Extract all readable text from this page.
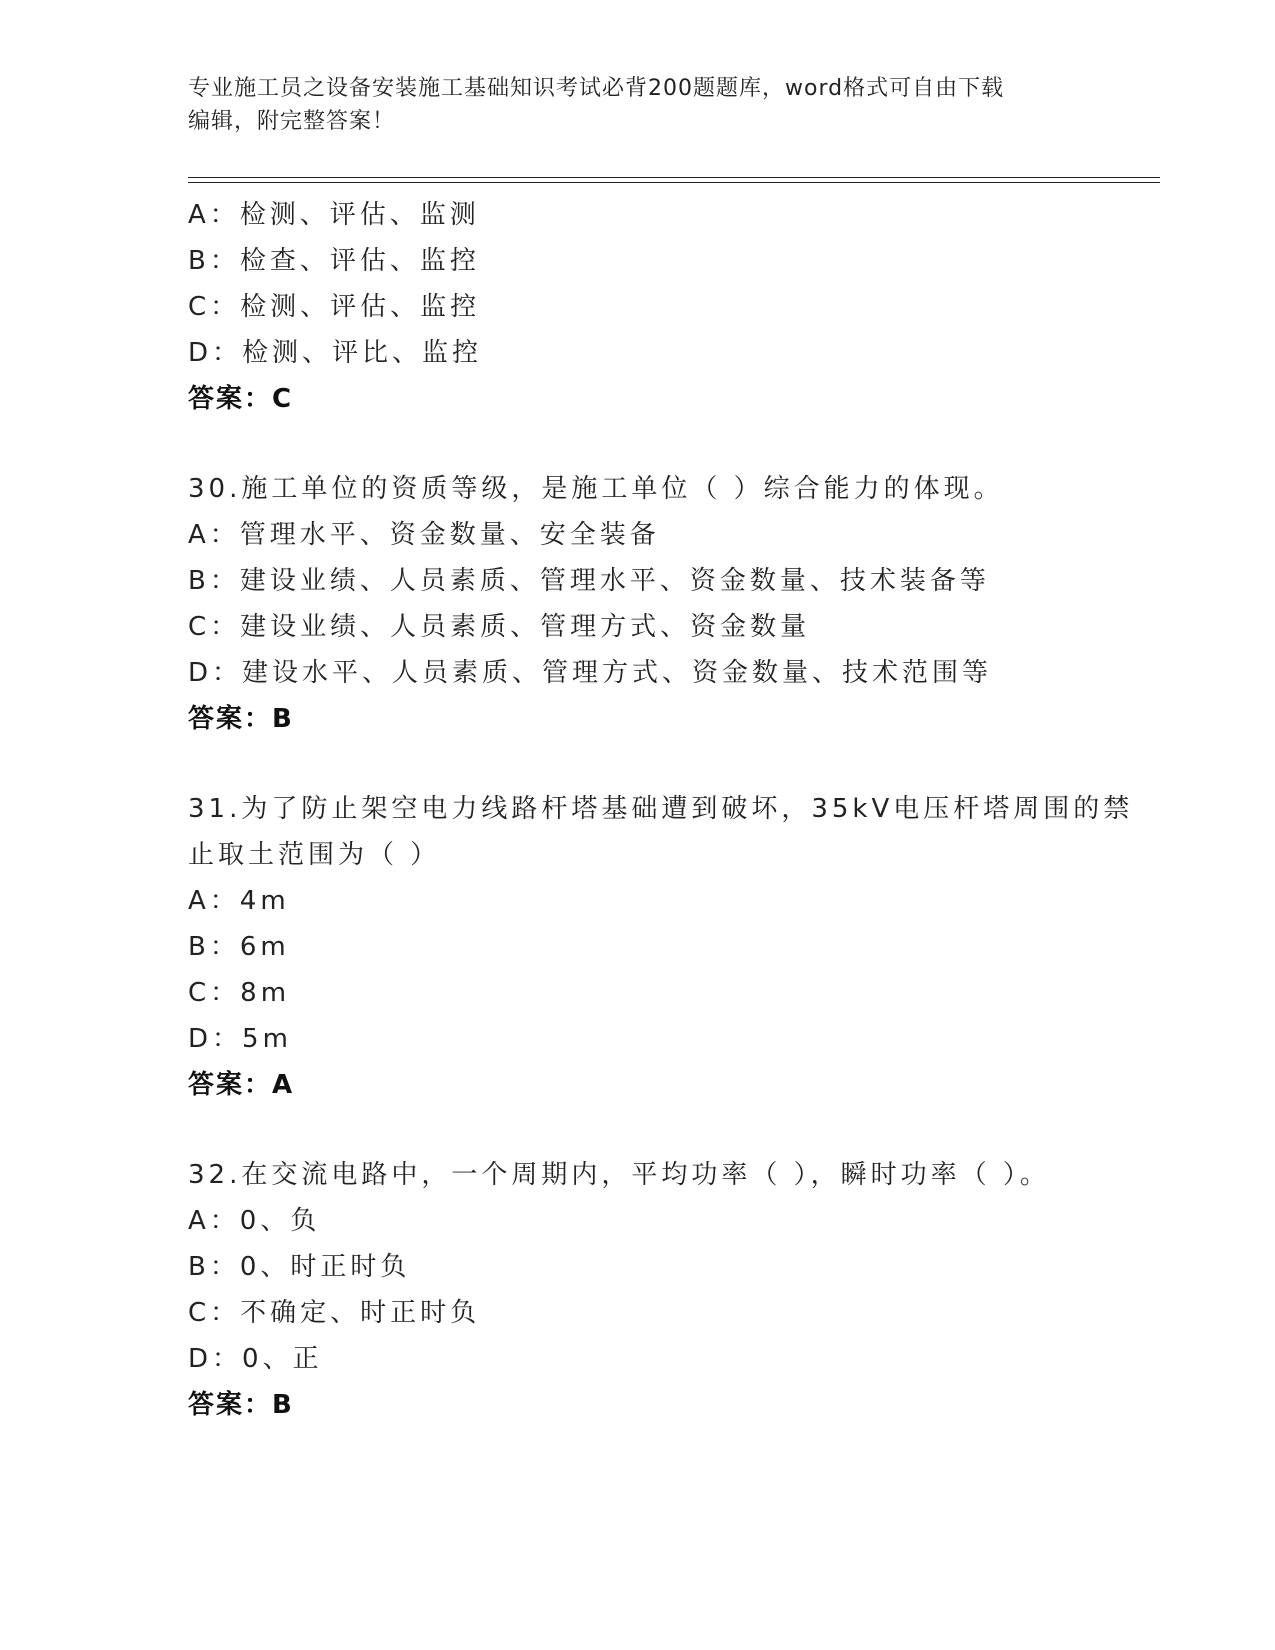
专业施工员之设备安装施工基础知识考试必背200题题库，word格式可自由下载
编辑，附完整答案！
A：检测、评估、监测
B：检查、评估、监控
C：检测、评估、监控
D：检测、评比、监控
答案：C
30.施工单位的资质等级，是施工单位（ ）综合能力的体现。
A：管理水平、资金数量、安全装备
B：建设业绩、人员素质、管理水平、资金数量、技术装备等
C：建设业绩、人员素质、管理方式、资金数量
D：建设水平、人员素质、管理方式、资金数量、技术范围等
答案：B
31.为了防止架空电力线路杆塔基础遭到破坏，35kV电压杆塔周围的禁
止取土范围为（ ）
A：4m
B：6m
C：8m
D：5m
答案：A
32.在交流电路中，一个周期内，平均功率（ ），瞬时功率（ ）。
A：0、负
B：0、时正时负
C：不确定、时正时负
D：0、正
答案：B
